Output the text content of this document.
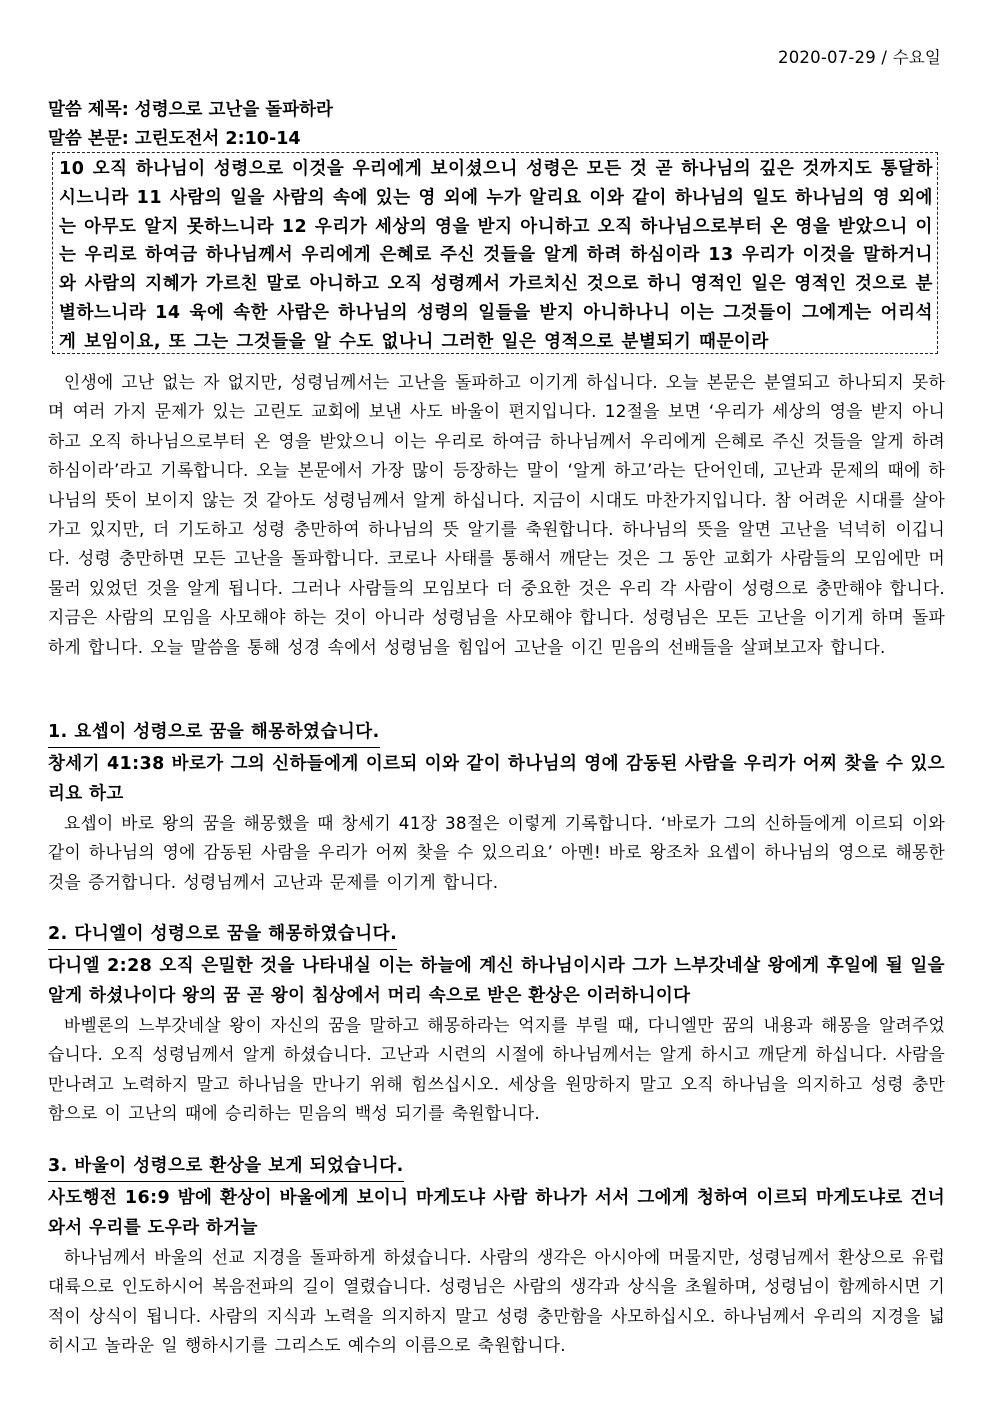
2020-07-29 / 수요일
말씀 제목: 성령으로 고난을 돌파하라
말씀 본문: 고린도전서 2:10-14
10 오직 하나님이 성령으로 이것을 우리에게 보이셨으니 성령은 모든 것 곧 하나님의 깊은 것까지도 통달하시느니라 11 사람의 일을 사람의 속에 있는 영 외에 누가 알리요 이와 같이 하나님의 일도 하나님의 영 외에는 아무도 알지 못하느니라 12 우리가 세상의 영을 받지 아니하고 오직 하나님으로부터 온 영을 받았으니 이는 우리로 하여금 하나님께서 우리에게 은혜로 주신 것들을 알게 하려 하심이라 13 우리가 이것을 말하거니와 사람의 지혜가 가르친 말로 아니하고 오직 성령께서 가르치신 것으로 하니 영적인 일은 영적인 것으로 분별하느니라 14 육에 속한 사람은 하나님의 성령의 일들을 받지 아니하나니 이는 그것들이 그에게는 어리석게 보임이요, 또 그는 그것들을 알 수도 없나니 그러한 일은 영적으로 분별되기 때문이라
인생에 고난 없는 자 없지만, 성령님께서는 고난을 돌파하고 이기게 하십니다. 오늘 본문은 분열되고 하나되지 못하며 여러 가지 문제가 있는 고린도 교회에 보낸 사도 바울이 편지입니다. 12절을 보면 ‘우리가 세상의 영을 받지 아니하고 오직 하나님으로부터 온 영을 받았으니 이는 우리로 하여금 하나님께서 우리에게 은혜로 주신 것들을 알게 하려 하심이라’라고 기록합니다. 오늘 본문에서 가장 많이 등장하는 말이 ‘알게 하고’라는 단어인데, 고난과 문제의 때에 하나님의 뜻이 보이지 않는 것 같아도 성령님께서 알게 하십니다. 지금이 시대도 마찬가지입니다. 참 어려운 시대를 살아가고 있지만, 더 기도하고 성령 충만하여 하나님의 뜻 알기를 축원합니다. 하나님의 뜻을 알면 고난을 넉넉히 이깁니다. 성령 충만하면 모든 고난을 돌파합니다. 코로나 사태를 통해서 깨닫는 것은 그 동안 교회가 사람들의 모임에만 머물러 있었던 것을 알게 됩니다. 그러나 사람들의 모임보다 더 중요한 것은 우리 각 사람이 성령으로 충만해야 합니다. 지금은 사람의 모임을 사모해야 하는 것이 아니라 성령님을 사모해야 합니다. 성령님은 모든 고난을 이기게 하며 돌파하게 합니다. 오늘 말씀을 통해 성경 속에서 성령님을 힘입어 고난을 이긴 믿음의 선배들을 살펴보고자 합니다.
1. 요셉이 성령으로 꿈을 해몽하였습니다.
창세기 41:38 바로가 그의 신하들에게 이르되 이와 같이 하나님의 영에 감동된 사람을 우리가 어찌 찾을 수 있으리요 하고
요셉이 바로 왕의 꿈을 해몽했을 때 창세기 41장 38절은 이렇게 기록합니다. ‘바로가 그의 신하들에게 이르되 이와 같이 하나님의 영에 감동된 사람을 우리가 어찌 찾을 수 있으리요’ 아멘! 바로 왕조차 요셉이 하나님의 영으로 해몽한 것을 증거합니다. 성령님께서 고난과 문제를 이기게 합니다.
2. 다니엘이 성령으로 꿈을 해몽하였습니다.
다니엘 2:28 오직 은밀한 것을 나타내실 이는 하늘에 계신 하나님이시라 그가 느부갓네살 왕에게 후일에 될 일을 알게 하셨나이다 왕의 꿈 곧 왕이 침상에서 머리 속으로 받은 환상은 이러하니이다
바벨론의 느부갓네살 왕이 자신의 꿈을 말하고 해몽하라는 억지를 부릴 때, 다니엘만 꿈의 내용과 해몽을 알려주었습니다. 오직 성령님께서 알게 하셨습니다. 고난과 시련의 시절에 하나님께서는 알게 하시고 깨닫게 하십니다. 사람을 만나려고 노력하지 말고 하나님을 만나기 위해 힘쓰십시오. 세상을 원망하지 말고 오직 하나님을 의지하고 성령 충만함으로 이 고난의 때에 승리하는 믿음의 백성 되기를 축원합니다.
3. 바울이 성령으로 환상을 보게 되었습니다.
사도행전 16:9 밤에 환상이 바울에게 보이니 마게도냐 사람 하나가 서서 그에게 청하여 이르되 마게도냐로 건너와서 우리를 도우라 하거늘
하나님께서 바울의 선교 지경을 돌파하게 하셨습니다. 사람의 생각은 아시아에 머물지만, 성령님께서 환상으로 유럽 대륙으로 인도하시어 복음전파의 길이 열렸습니다. 성령님은 사람의 생각과 상식을 초월하며, 성령님이 함께하시면 기적이 상식이 됩니다. 사람의 지식과 노력을 의지하지 말고 성령 충만함을 사모하십시오. 하나님께서 우리의 지경을 넓히시고 놀라운 일 행하시기를 그리스도 예수의 이름으로 축원합니다.
